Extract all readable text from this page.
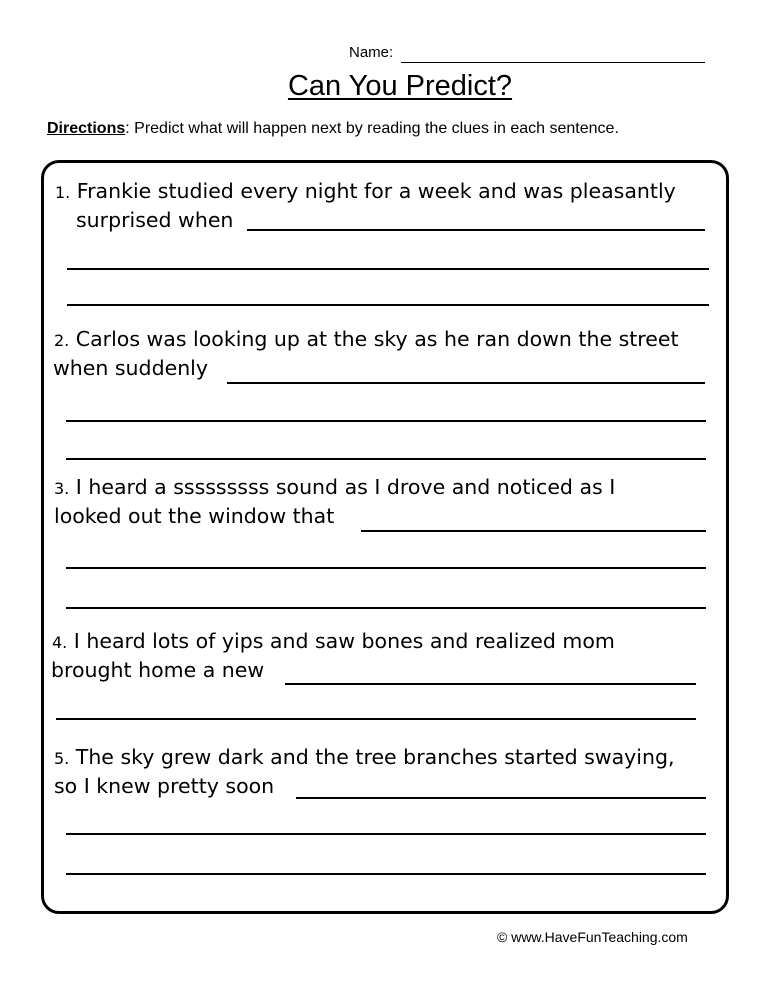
Name:
Can You Predict?
Directions: Predict what will happen next by reading the clues in each sentence.
1. Frankie studied every night for a week and was pleasantly
surprised when
2. Carlos was looking up at the sky as he ran down the street
when suddenly
3. I heard a sssssssss sound as I drove and noticed as I
looked out the window that
4. I heard lots of yips and saw bones and realized mom
brought home a new
5. The sky grew dark and the tree branches started swaying,
so I knew pretty soon
© www.HaveFunTeaching.com
